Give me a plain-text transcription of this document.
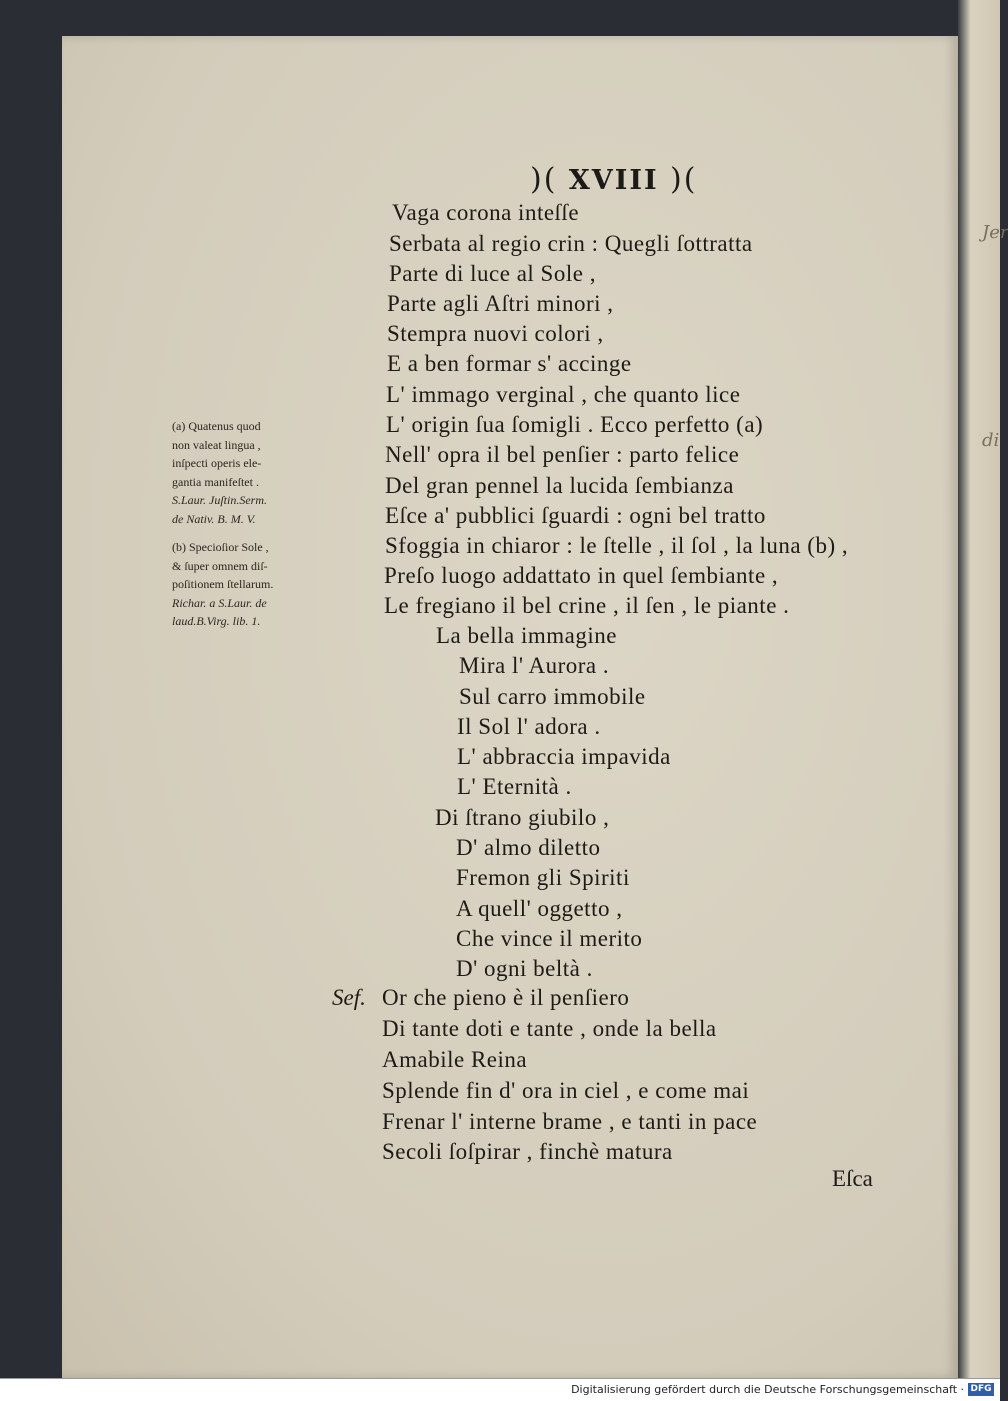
Jer
di
)( XVIII )(
(a) Quatenus quod
non valeat lingua ,
inſpecti operis ele-
gantia manifeſtet .
S.Laur. Juſtin.Serm.
de Nativ. B. M. V.
(b) Specioſior Sole ,
& ſuper omnem diſ-
poſitionem ſtellarum.
Richar. a S.Laur. de
laud.B.Virg. lib. 1.
Vaga corona inteſſe
Serbata al regio crin : Quegli ſottratta
Parte di luce al Sole ,
Parte agli Aſtri minori ,
Stempra nuovi colori ,
E a ben formar s' accinge
L' immago verginal , che quanto lice
L' origin ſua ſomigli . Ecco perfetto (a)
Nell' opra il bel penſier : parto felice
Del gran pennel la lucida ſembianza
Eſce a' pubblici ſguardi : ogni bel tratto
Sfoggia in chiaror : le ſtelle , il ſol , la luna (b) ,
Preſo luogo addattato in quel ſembiante ,
Le fregiano il bel crine , il ſen , le piante .
La bella immagine
Mira l' Aurora .
Sul carro immobile
Il Sol l' adora .
L' abbraccia impavida
L' Eternità .
Di ſtrano giubilo ,
D' almo diletto
Fremon gli Spiriti
A quell' oggetto ,
Che vince il merito
D' ogni beltà .
Sef. Or che pieno è il penſiero
Di tante doti e tante , onde la bella
Amabile Reina
Splende fin d' ora in ciel , e come mai
Frenar l' interne brame , e tanti in pace
Secoli ſoſpirar , finchè matura
Eſca
Digitalisierung gefördert durch die Deutsche Forschungsgemeinschaft · DFG
